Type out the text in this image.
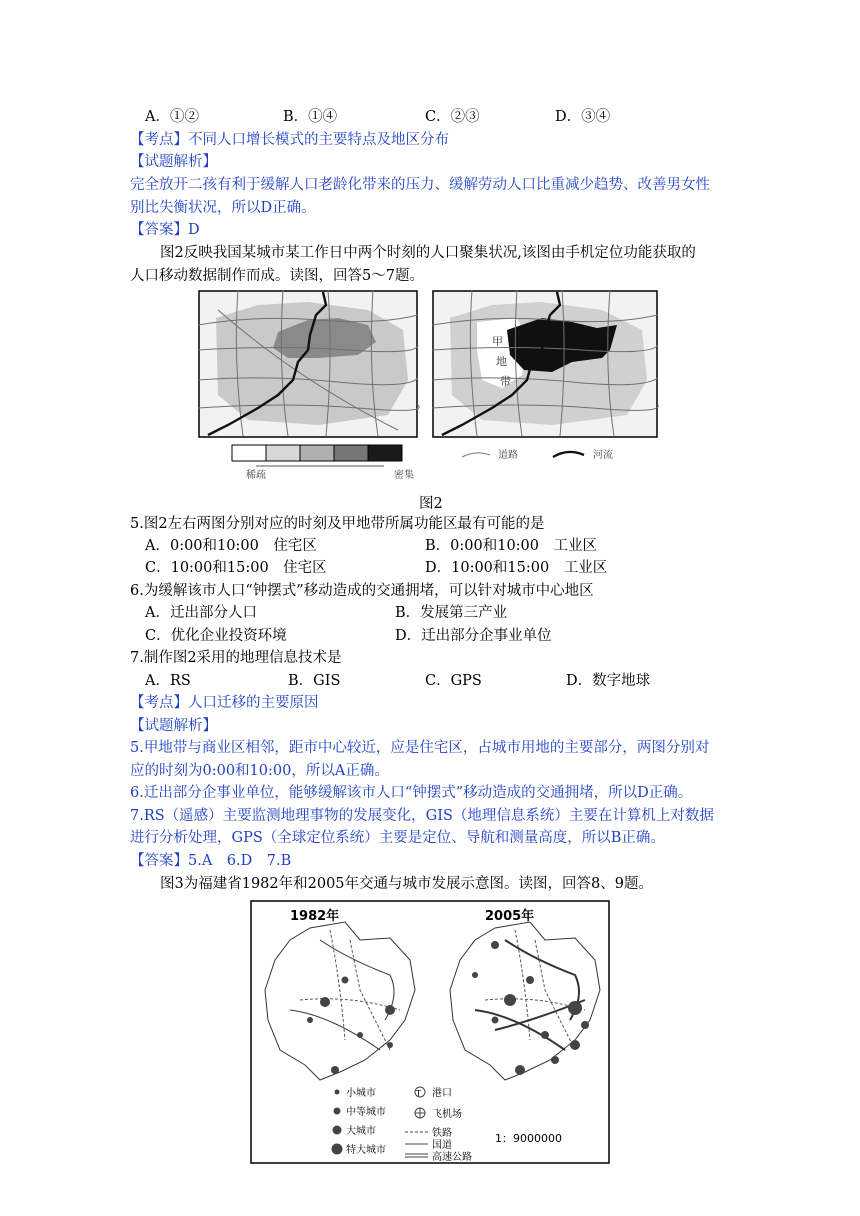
A．①②	B．①④	C．②③	D．③④
【考点】不同人口增长模式的主要特点及地区分布
【试题解析】
完全放开二孩有利于缓解人口老龄化带来的压力、缓解劳动人口比重减少趋势、改善男女性
别比失衡状况，所以D正确。
【答案】D
图2反映我国某城市某工作日中两个时刻的人口聚集状况,该图由手机定位功能获取的
人口移动数据制作而成。读图，回答5～7题。
甲
地
带
稀疏	密集
道路	河流
图2
5.图2左右两图分别对应的时刻及甲地带所属功能区最有可能的是
A．0:00和10:00　住宅区	B．0:00和10:00　工业区
C．10:00和15:00　住宅区	D．10:00和15:00　工业区
6.为缓解该市人口“钟摆式”移动造成的交通拥堵，可以针对城市中心地区
A．迁出部分人口	B．发展第三产业
C．优化企业投资环境	D．迁出部分企事业单位
7.制作图2采用的地理信息技术是
A．RS	B．GIS	C．GPS	D．数字地球
【考点】人口迁移的主要原因
【试题解析】
5.甲地带与商业区相邻，距市中心较近，应是住宅区，占城市用地的主要部分，两图分别对
应的时刻为0:00和10:00，所以A正确。
6.迁出部分企事业单位，能够缓解该市人口“钟摆式”移动造成的交通拥堵，所以D正确。
7.RS（遥感）主要监测地理事物的发展变化，GIS（地理信息系统）主要在计算机上对数据
进行分析处理，GPS（全球定位系统）主要是定位、导航和测量高度，所以B正确。
【答案】5.A　6.D　7.B
图3为福建省1982年和2005年交通与城市发展示意图。读图，回答8、9题。
1982年	2005年
小城市
中等城市
大城市
特大城市
T 港口
飞机场
铁路
国道
高速公路
1：9000000
